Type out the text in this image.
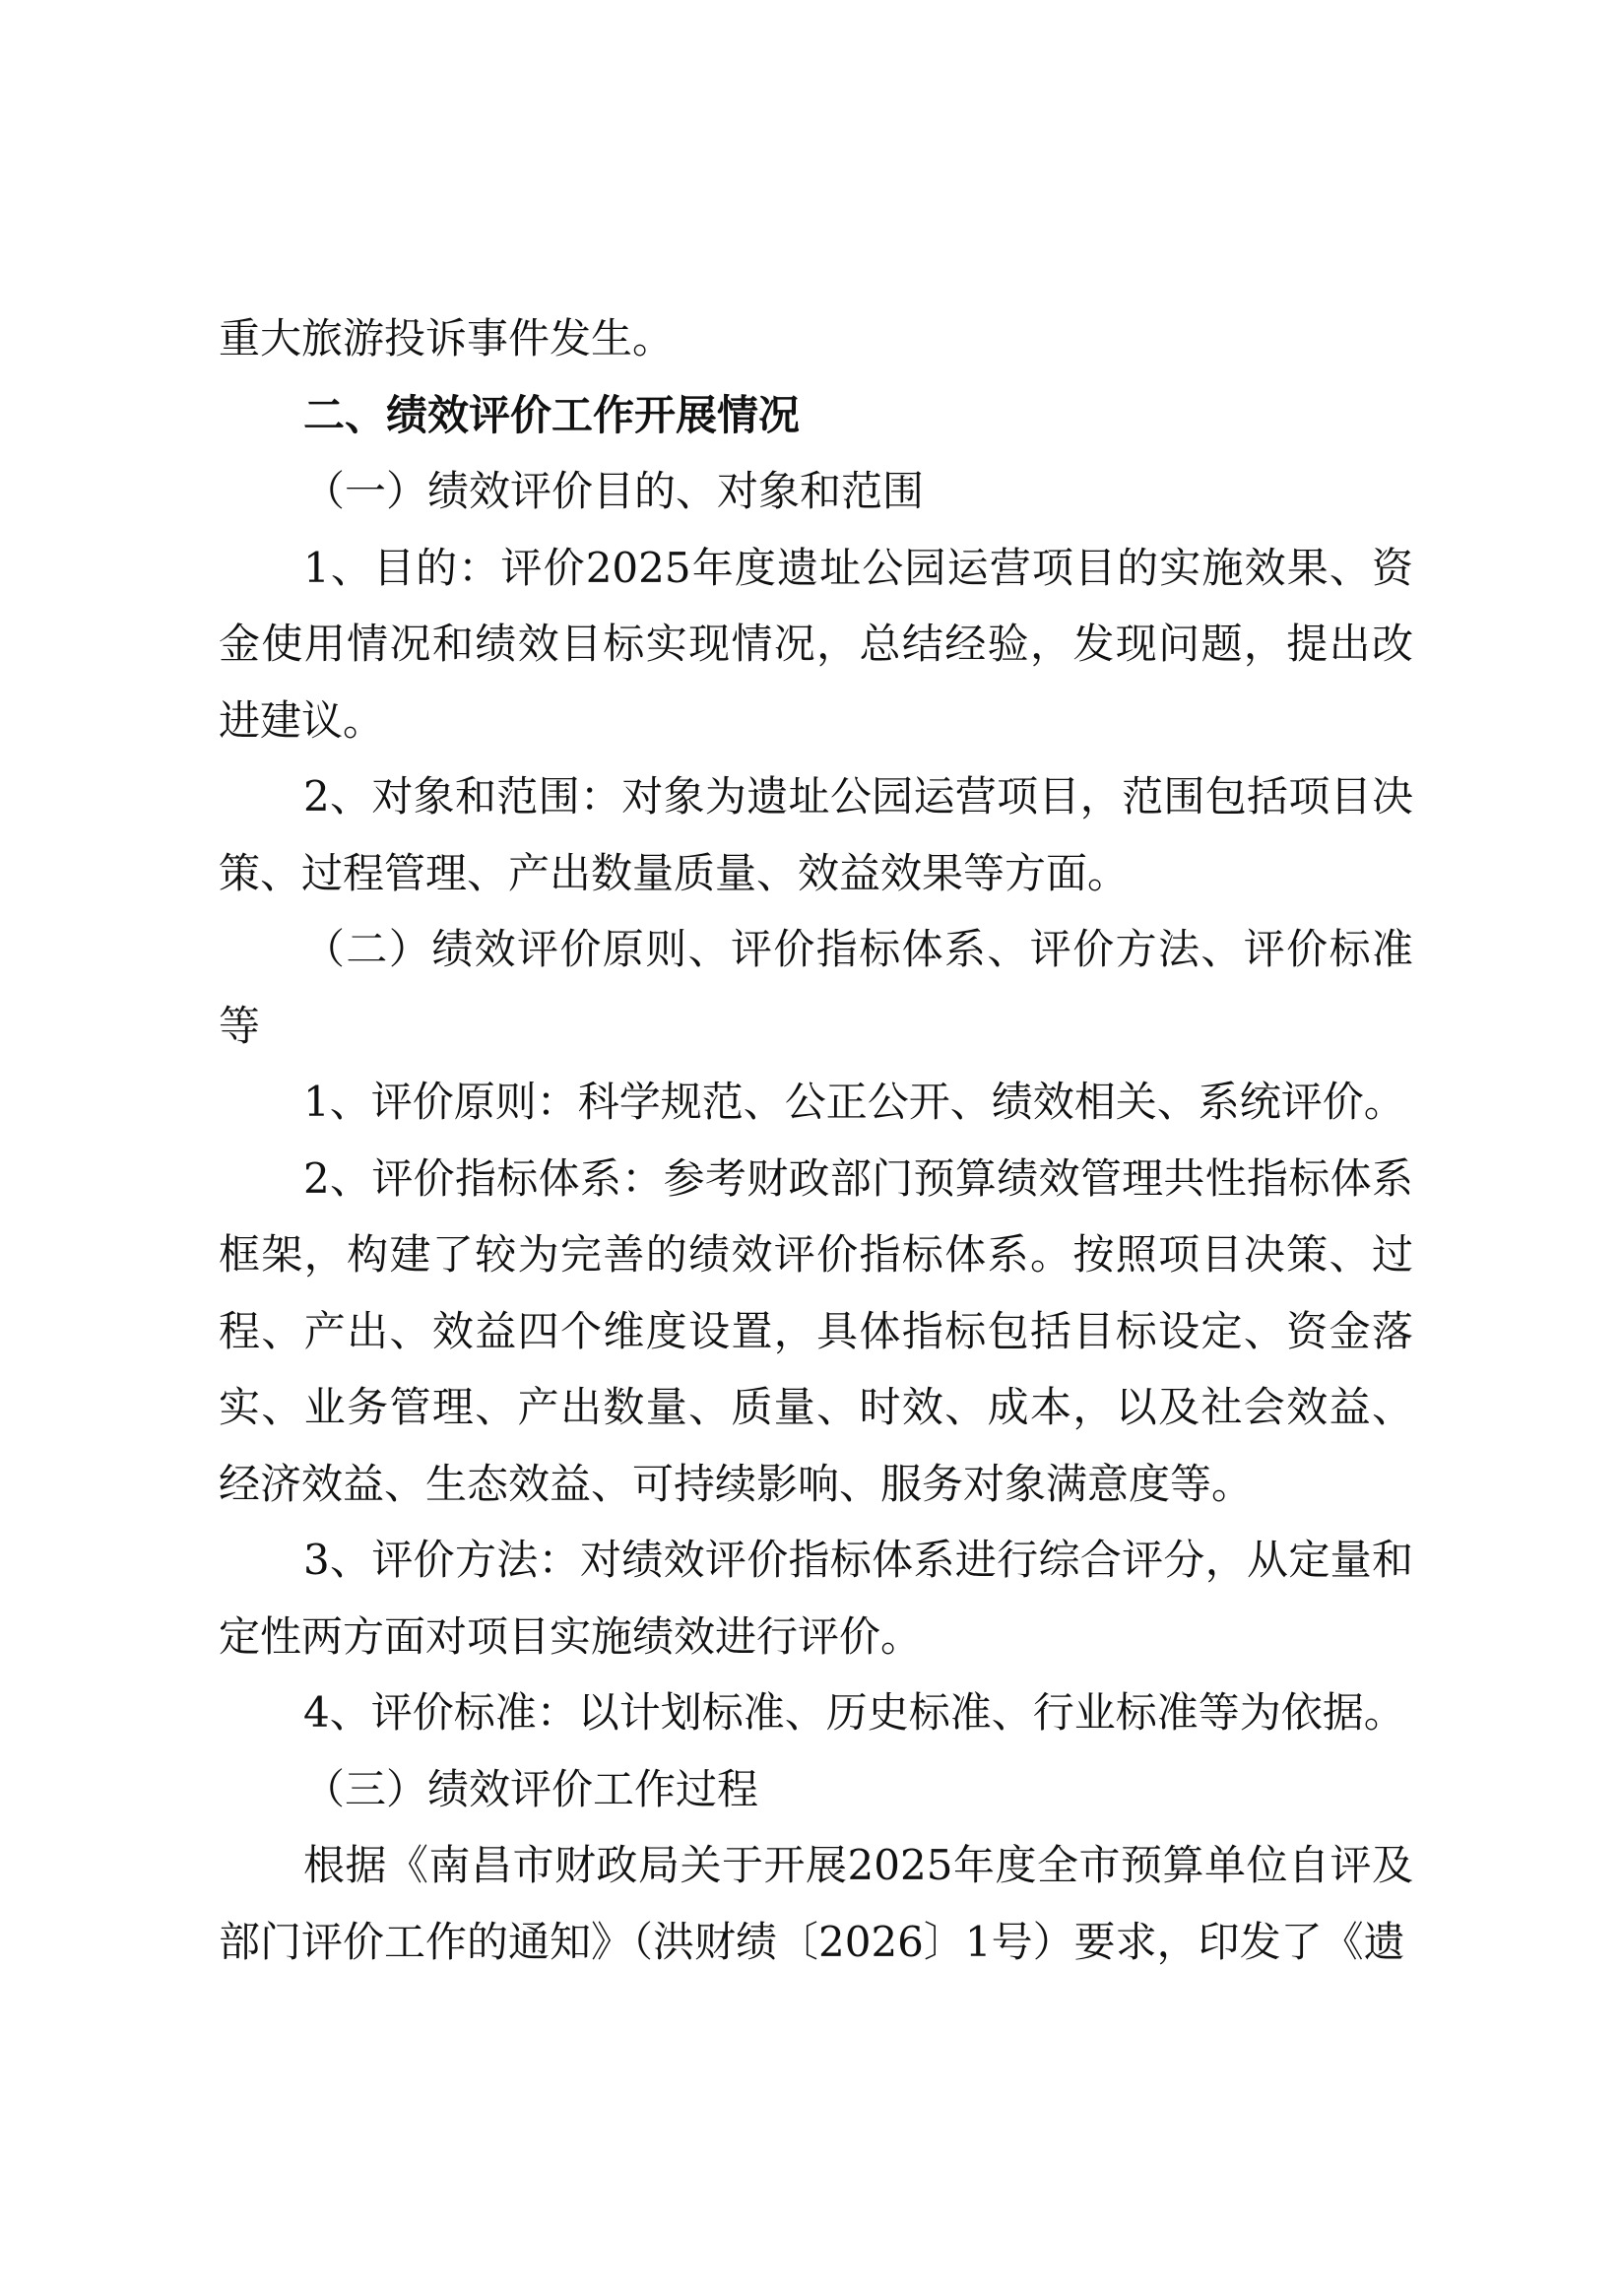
重大旅游投诉事件发生。

二、绩效评价工作开展情况

（一）绩效评价目的、对象和范围

1、目的：评价2025年度遗址公园运营项目的实施效果、资金使用情况和绩效目标实现情况，总结经验，发现问题，提出改进建议。

2、对象和范围：对象为遗址公园运营项目，范围包括项目决策、过程管理、产出数量质量、效益效果等方面。

（二）绩效评价原则、评价指标体系、评价方法、评价标准等

1、评价原则：科学规范、公正公开、绩效相关、系统评价。

2、评价指标体系：参考财政部门预算绩效管理共性指标体系框架，构建了较为完善的绩效评价指标体系。按照项目决策、过程、产出、效益四个维度设置，具体指标包括目标设定、资金落实、业务管理、产出数量、质量、时效、成本，以及社会效益、经济效益、生态效益、可持续影响、服务对象满意度等。

3、评价方法：对绩效评价指标体系进行综合评分，从定量和定性两方面对项目实施绩效进行评价。

4、评价标准：以计划标准、历史标准、行业标准等为依据。

（三）绩效评价工作过程

根据《南昌市财政局关于开展2025年度全市预算单位自评及部门评价工作的通知》（洪财绩〔2026〕1号）要求，印发了《遗
